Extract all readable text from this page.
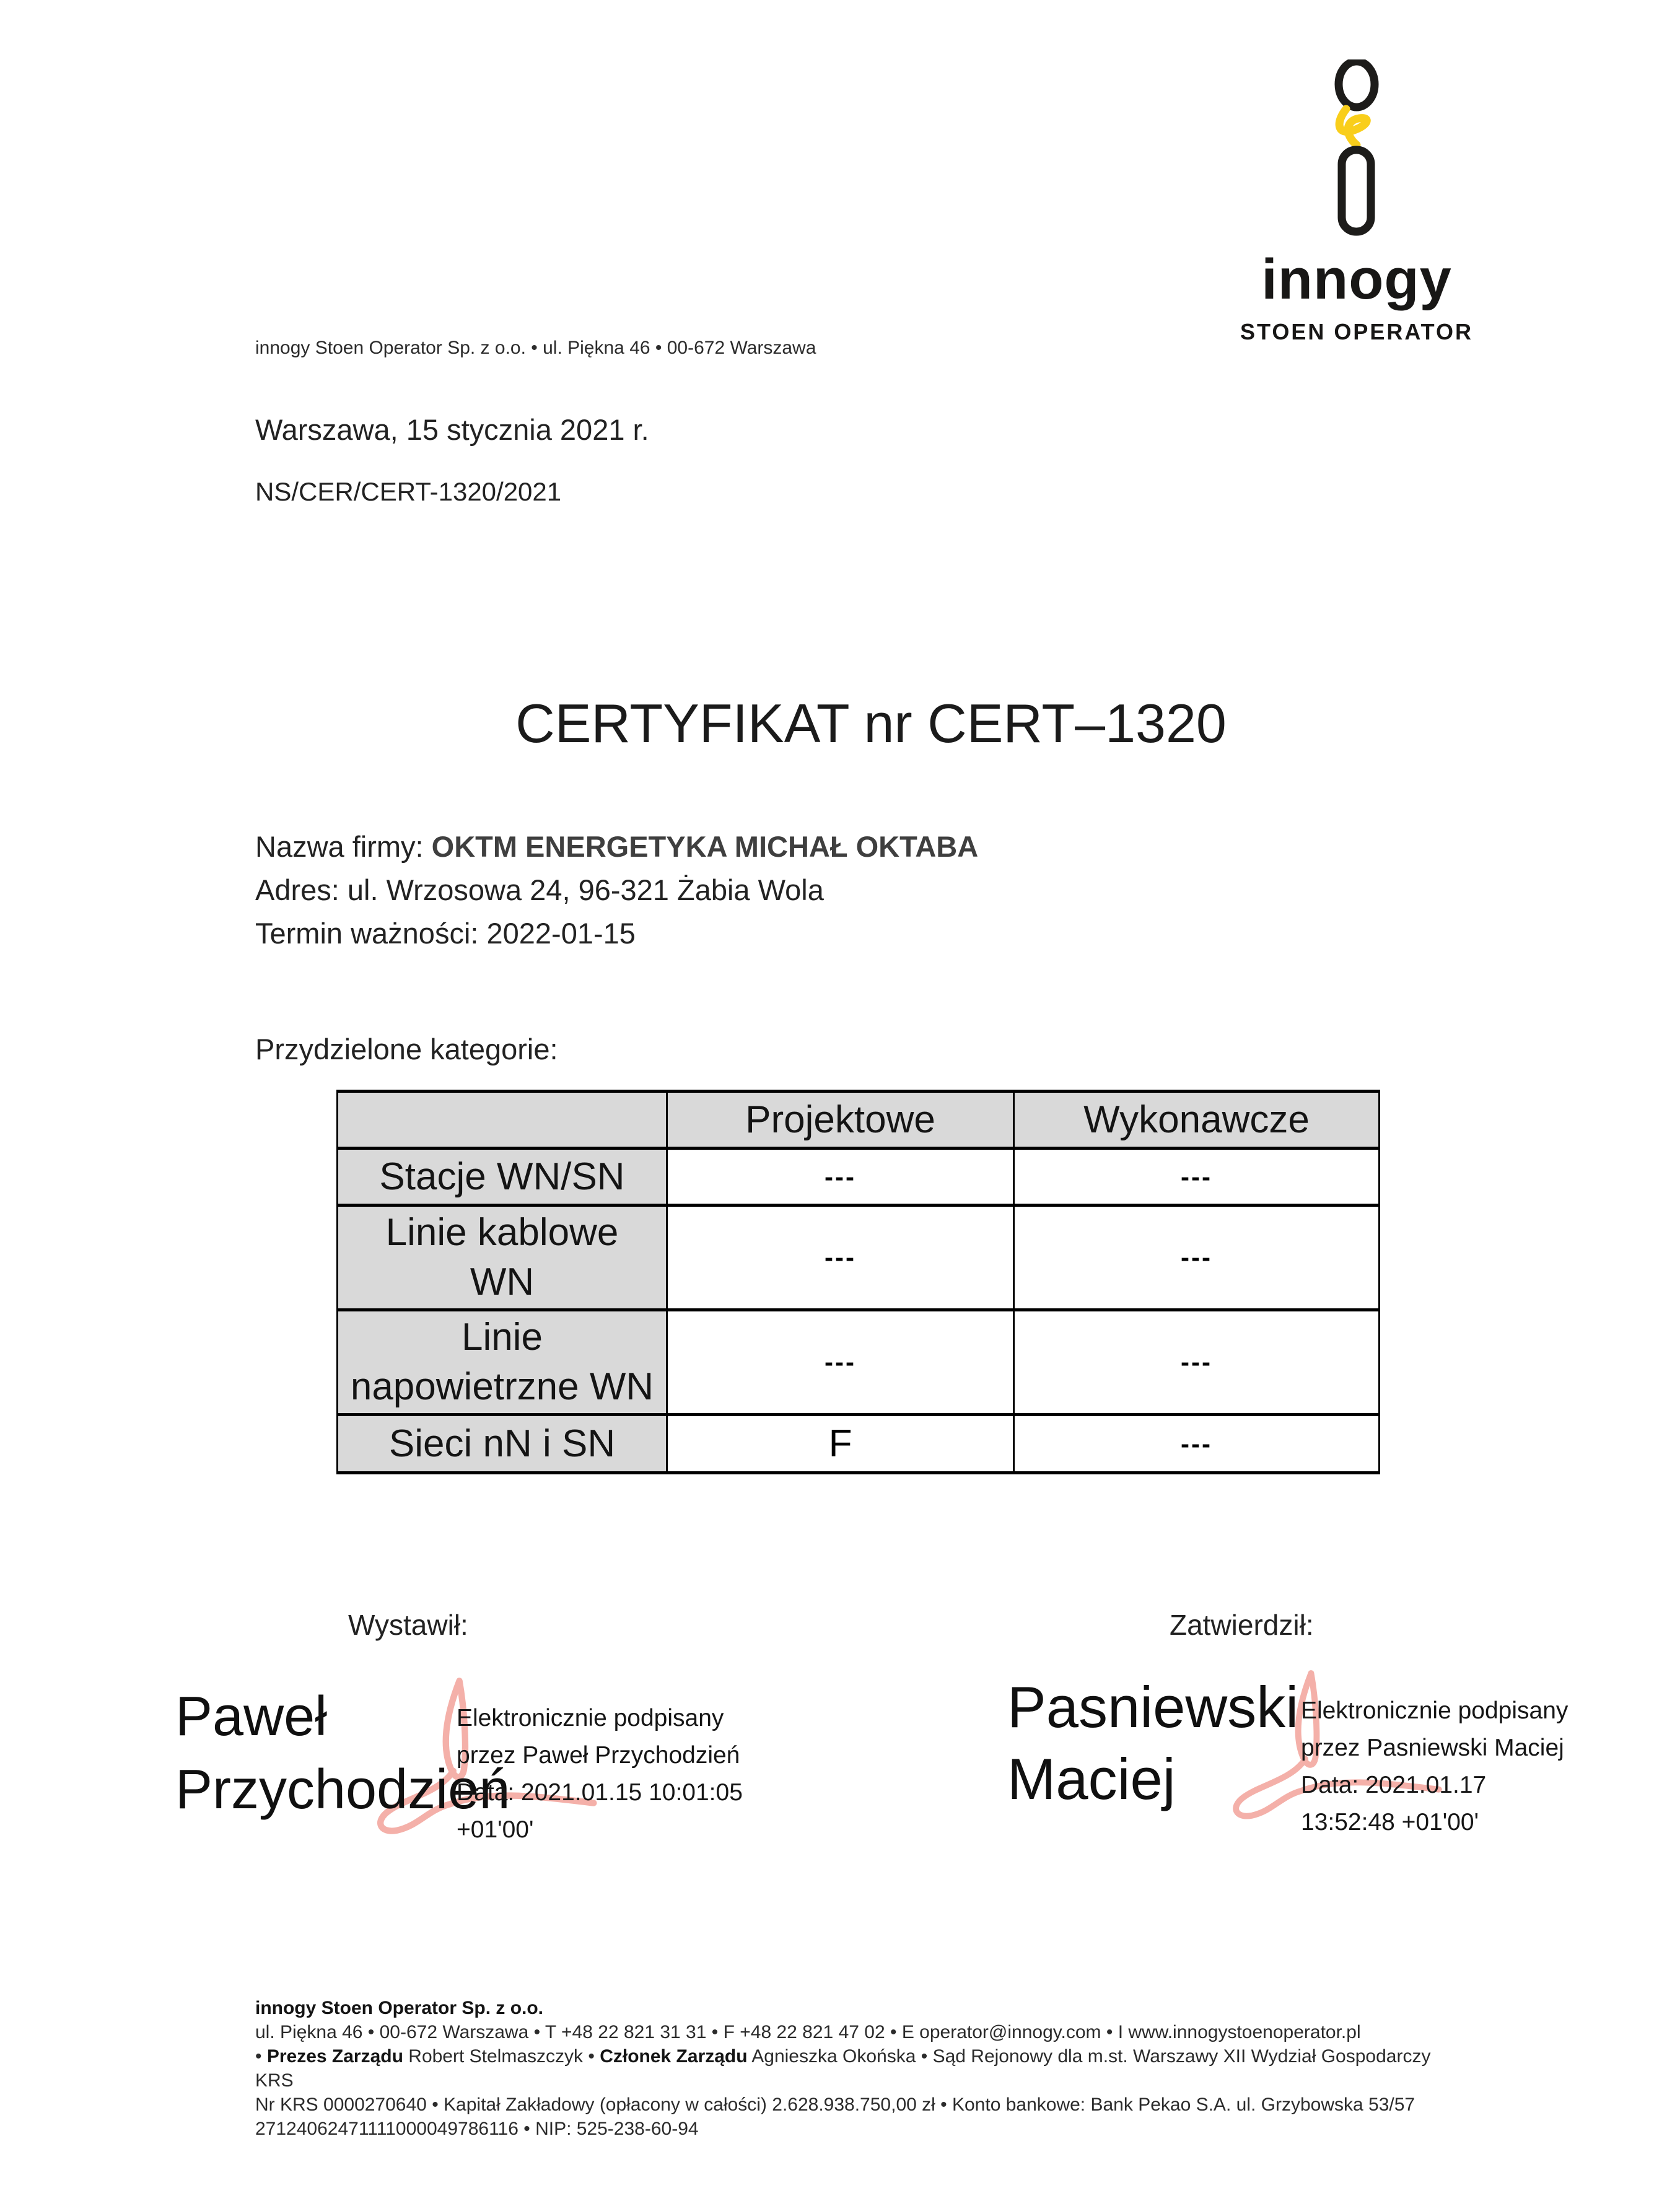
innogy
STOEN OPERATOR
innogy Stoen Operator Sp. z o.o. • ul. Piękna 46 • 00-672 Warszawa
Warszawa, 15 stycznia 2021 r.
NS/CER/CERT-1320/2021
CERTYFIKAT nr CERT–1320
Nazwa firmy: OKTM ENERGETYKA MICHAŁ OKTABA
Adres: ul. Wrzosowa 24, 96-321 Żabia Wola
Termin ważności: 2022-01-15
Przydzielone kategorie:
	Projektowe	Wykonawcze

Stacje WN/SN	---	---

Linie kablowe
WN	---	---

Linie
napowietrzne WN	---	---

Sieci nN i SN	F	---
Wystawił:	Zatwierdził:
Paweł
Przychodzień
Elektronicznie podpisany
przez Paweł Przychodzień
Data: 2021.01.15 10:01:05
+01'00'
Pasniewski
Maciej
Elektronicznie podpisany
przez Pasniewski Maciej
Data: 2021.01.17
13:52:48 +01'00'
innogy Stoen Operator Sp. z o.o.
ul. Piękna 46 • 00-672 Warszawa • T +48 22 821 31 31 • F +48 22 821 47 02 • E operator@innogy.com • I www.innogystoenoperator.pl
• Prezes Zarządu Robert Stelmaszczyk • Członek Zarządu Agnieszka Okońska • Sąd Rejonowy dla m.st. Warszawy XII Wydział Gospodarczy KRS
Nr KRS 0000270640 • Kapitał Zakładowy (opłacony w całości) 2.628.938.750,00 zł • Konto bankowe: Bank Pekao S.A. ul. Grzybowska 53/57
27124062471111000049786116 • NIP: 525-238-60-94
